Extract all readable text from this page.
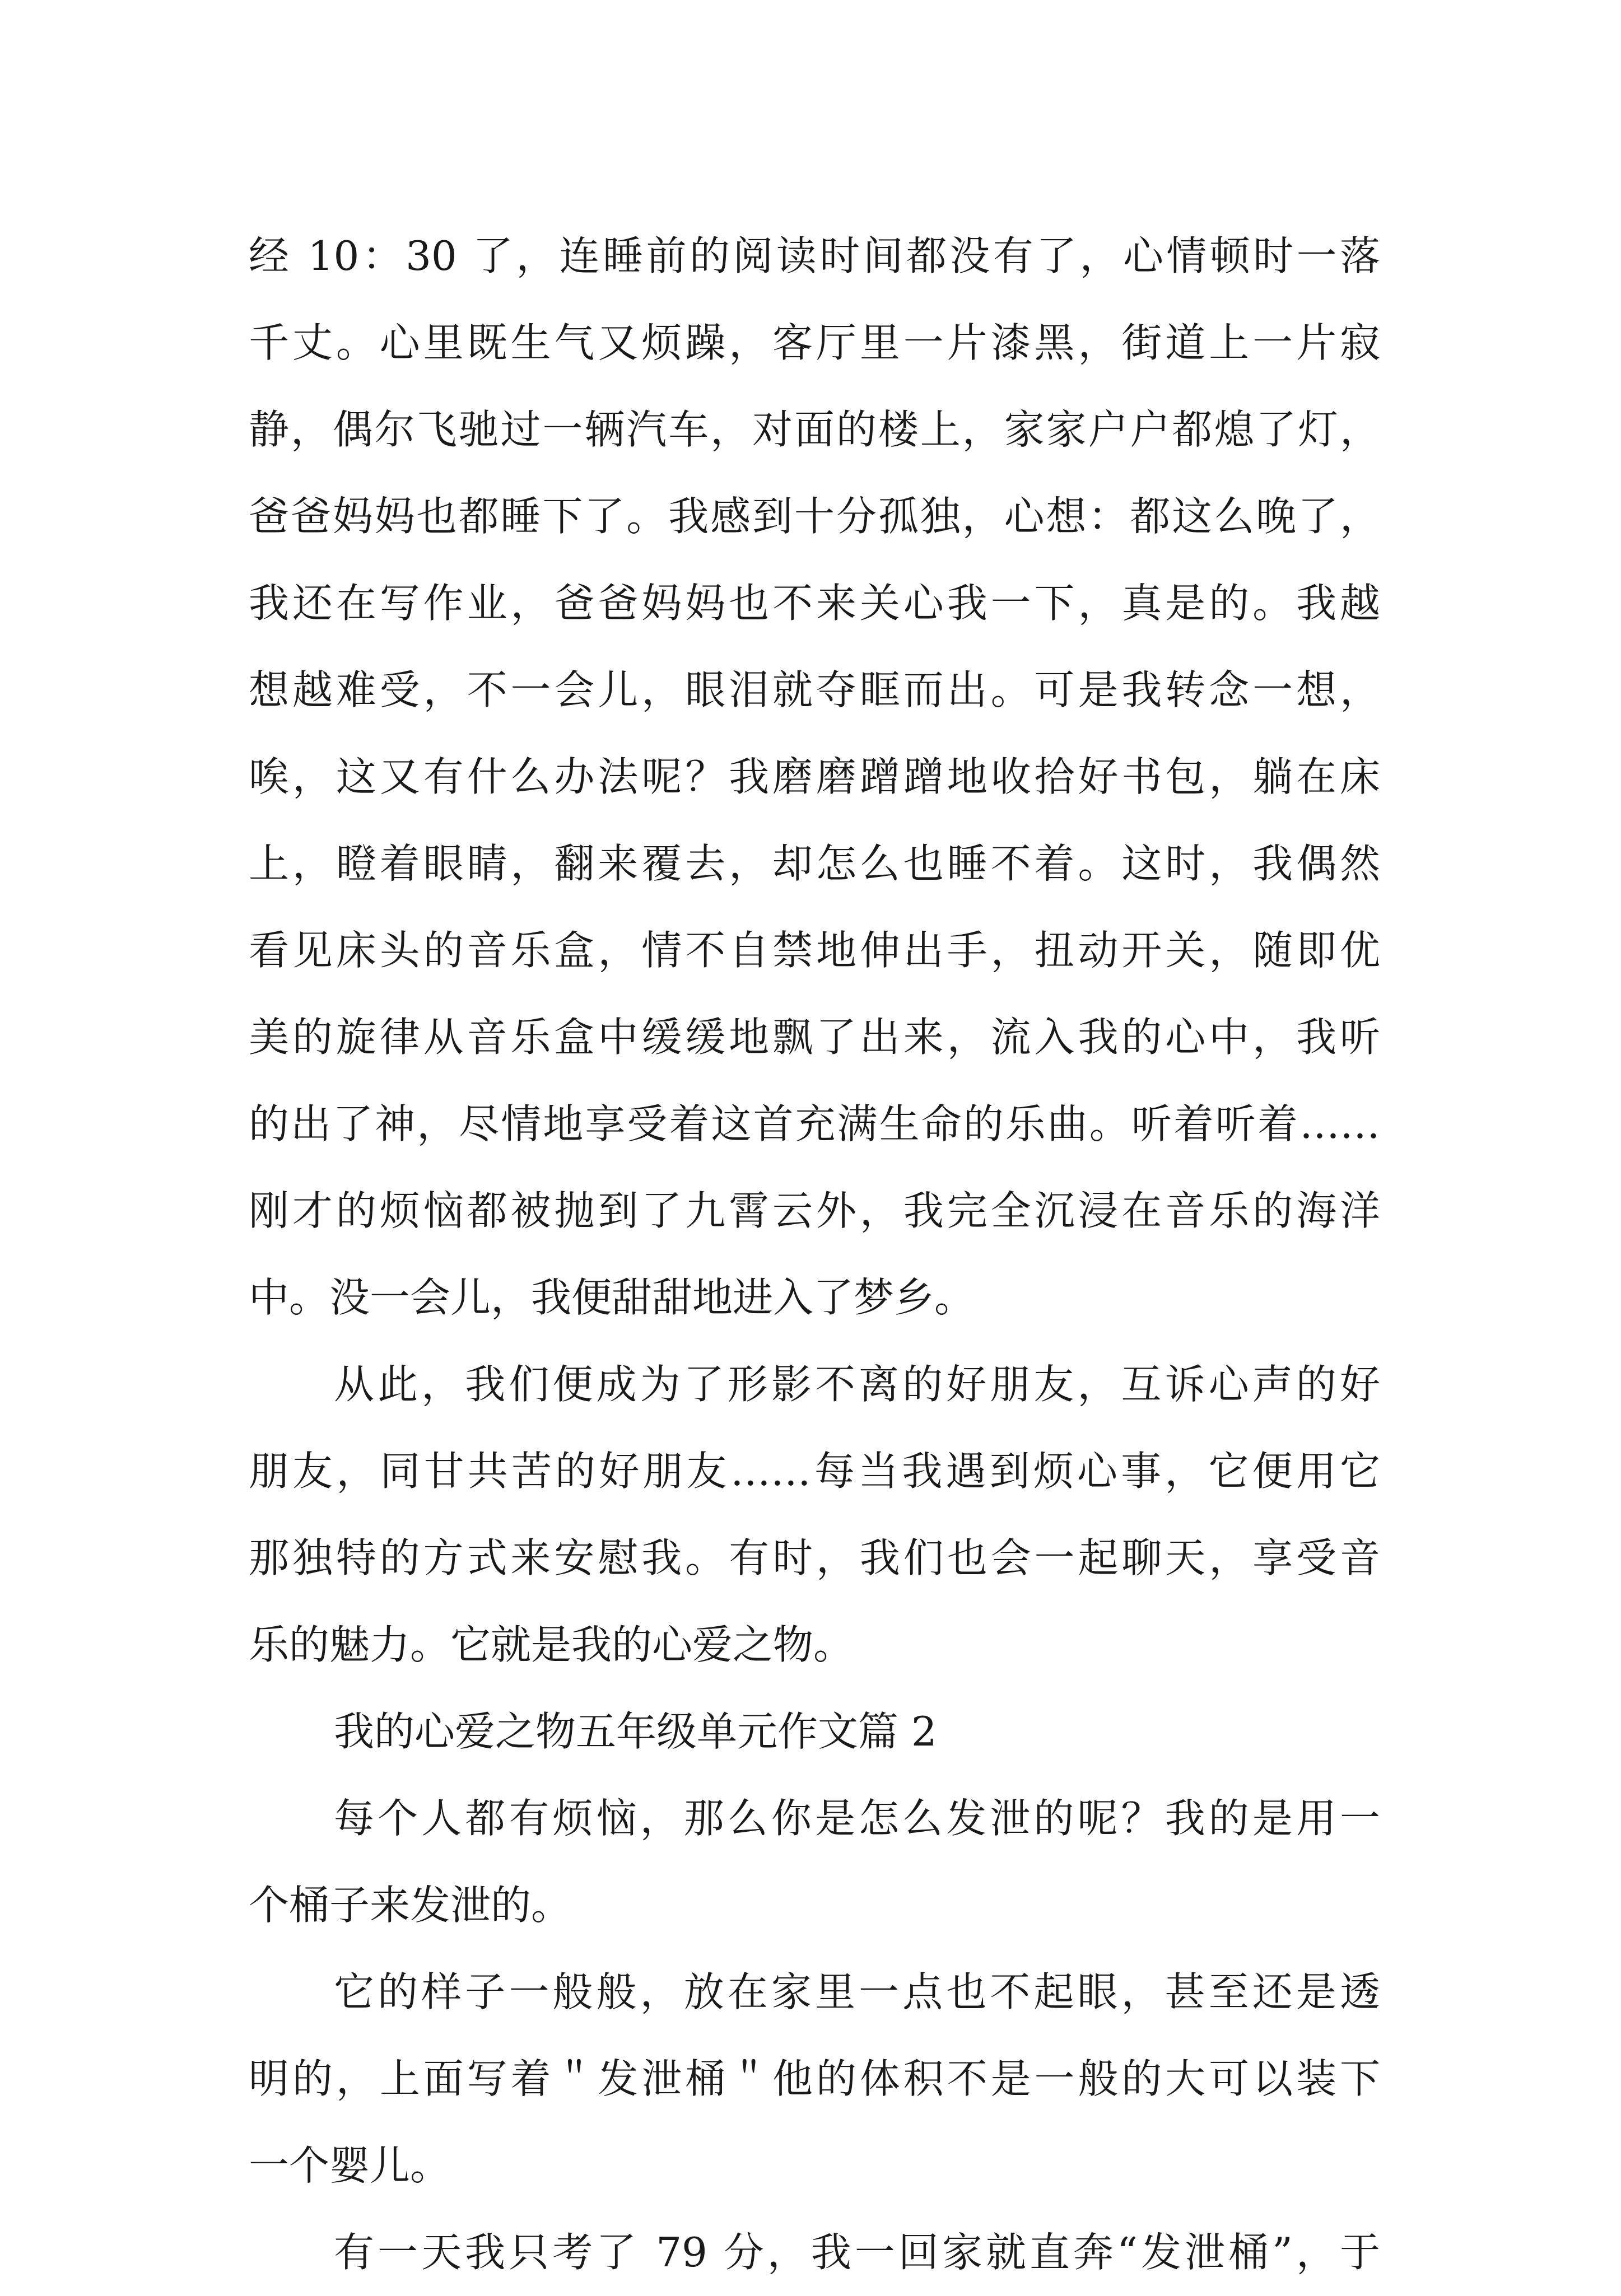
经 10：30 了，连睡前的阅读时间都没有了，心情顿时一落
千丈。心里既生气又烦躁，客厅里一片漆黑，街道上一片寂
静，偶尔飞驰过一辆汽车，对面的楼上，家家户户都熄了灯，
爸爸妈妈也都睡下了。我感到十分孤独，心想：都这么晚了，
我还在写作业，爸爸妈妈也不来关心我一下，真是的。我越
想越难受，不一会儿，眼泪就夺眶而出。可是我转念一想，
唉，这又有什么办法呢？我磨磨蹭蹭地收拾好书包，躺在床
上，瞪着眼睛，翻来覆去，却怎么也睡不着。这时，我偶然
看见床头的音乐盒，情不自禁地伸出手，扭动开关，随即优
美的旋律从音乐盒中缓缓地飘了出来，流入我的心中，我听
的出了神，尽情地享受着这首充满生命的乐曲。听着听着……
刚才的烦恼都被抛到了九霄云外，我完全沉浸在音乐的海洋
中。没一会儿，我便甜甜地进入了梦乡。
从此，我们便成为了形影不离的好朋友，互诉心声的好
朋友，同甘共苦的好朋友……每当我遇到烦心事，它便用它
那独特的方式来安慰我。有时，我们也会一起聊天，享受音
乐的魅力。它就是我的心爱之物。
我的心爱之物五年级单元作文篇 2
每个人都有烦恼，那么你是怎么发泄的呢？我的是用一
个桶子来发泄的。
它的样子一般般，放在家里一点也不起眼，甚至还是透
明的，上面写着＂发泄桶＂他的体积不是一般的大可以装下
一个婴儿。
有一天我只考了 79 分，我一回家就直奔“发泄桶”，于
